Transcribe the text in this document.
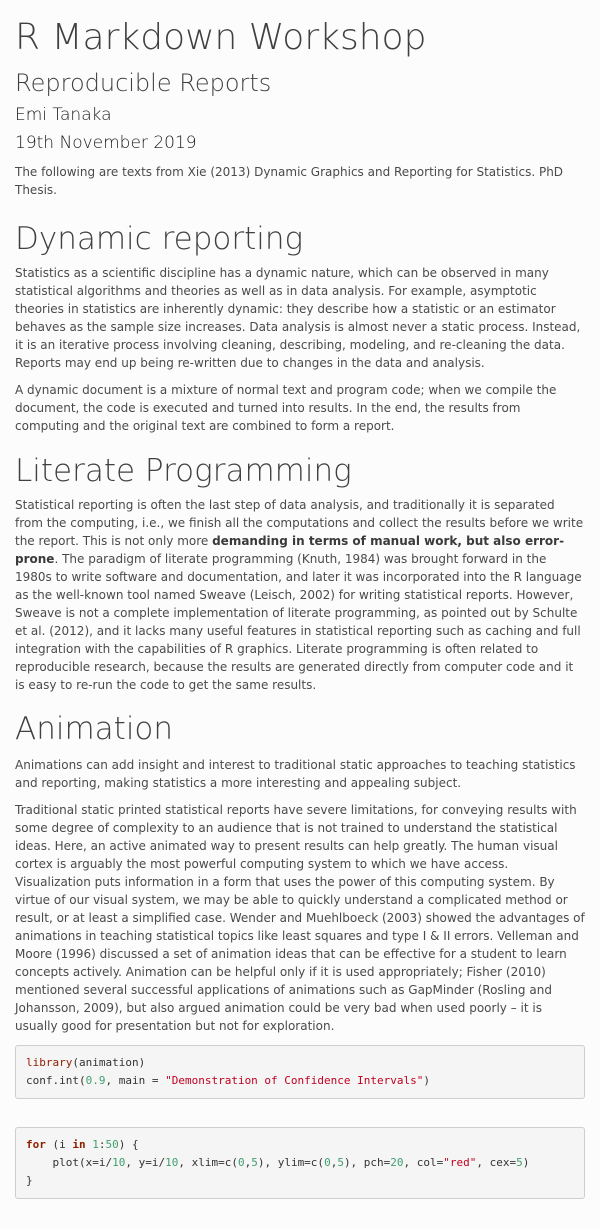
R Markdown Workshop
Reproducible Reports
Emi Tanaka
19th November 2019

The following are texts from Xie (2013) Dynamic Graphics and Reporting for Statistics. PhD Thesis.

Dynamic reporting

Statistics as a scientific discipline has a dynamic nature, which can be observed in many statistical algorithms and theories as well as in data analysis. For example, asymptotic theories in statistics are inherently dynamic: they describe how a statistic or an estimator behaves as the sample size increases. Data analysis is almost never a static process. Instead, it is an iterative process involving cleaning, describing, modeling, and re-cleaning the data. Reports may end up being re-written due to changes in the data and analysis.

A dynamic document is a mixture of normal text and program code; when we compile the document, the code is executed and turned into results. In the end, the results from computing and the original text are combined to form a report.

Literate Programming

Statistical reporting is often the last step of data analysis, and traditionally it is separated from the computing, i.e., we finish all the computations and collect the results before we write the report. This is not only more demanding in terms of manual work, but also error-prone. The paradigm of literate programming (Knuth, 1984) was brought forward in the 1980s to write software and documentation, and later it was incorporated into the R language as the well-known tool named Sweave (Leisch, 2002) for writing statistical reports. However, Sweave is not a complete implementation of literate programming, as pointed out by Schulte et al. (2012), and it lacks many useful features in statistical reporting such as caching and full integration with the capabilities of R graphics. Literate programming is often related to reproducible research, because the results are generated directly from computer code and it is easy to re-run the code to get the same results.

Animation

Animations can add insight and interest to traditional static approaches to teaching statistics and reporting, making statistics a more interesting and appealing subject.

Traditional static printed statistical reports have severe limitations, for conveying results with some degree of complexity to an audience that is not trained to understand the statistical ideas. Here, an active animated way to present results can help greatly. The human visual cortex is arguably the most powerful computing system to which we have access. Visualization puts information in a form that uses the power of this computing system. By virtue of our visual system, we may be able to quickly understand a complicated method or result, or at least a simplified case. Wender and Muehlboeck (2003) showed the advantages of animations in teaching statistical topics like least squares and type I & II errors. Velleman and Moore (1996) discussed a set of animation ideas that can be effective for a student to learn concepts actively. Animation can be helpful only if it is used appropriately; Fisher (2010) mentioned several successful applications of animations such as GapMinder (Rosling and Johansson, 2009), but also argued animation could be very bad when used poorly – it is usually good for presentation but not for exploration.

library(animation)
conf.int(0.9, main = "Demonstration of Confidence Intervals")
for (i in 1:50) {
plot(x=i/10, y=i/10, xlim=c(0,5), ylim=c(0,5), pch=20, col="red", cex=5)
}
